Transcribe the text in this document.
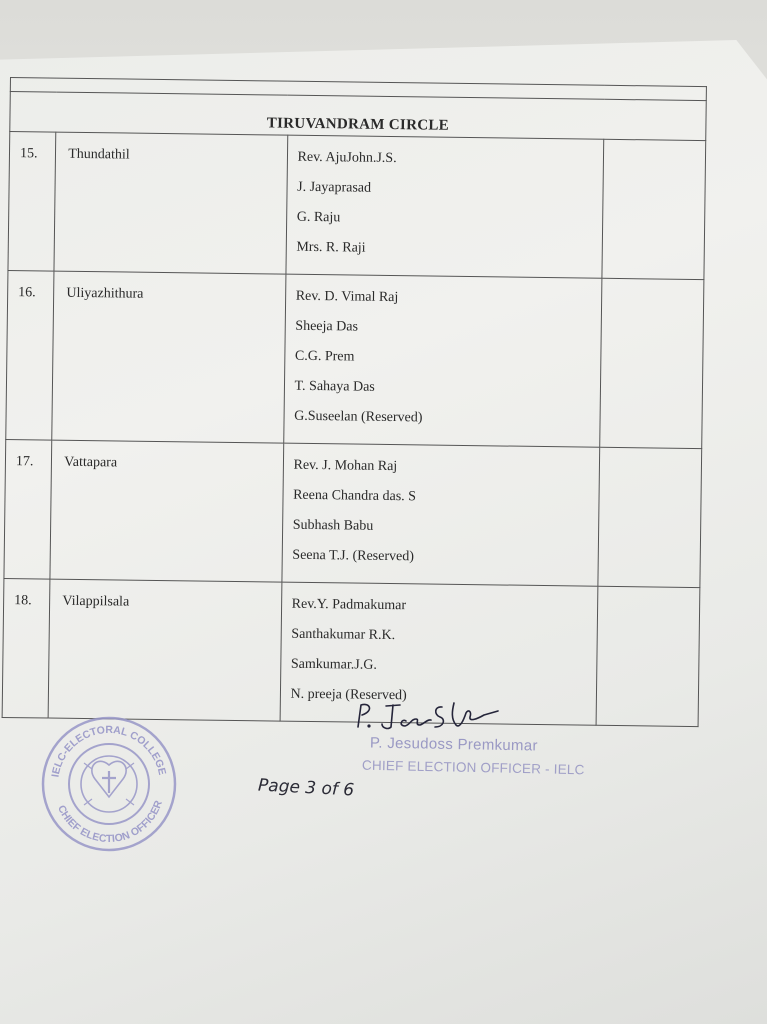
TIRUVANDRAM CIRCLE			
15.	Thundathil	Rev. AjuJohn.J.S.
J. Jayaprasad
G. Raju
Mrs. R. Raji	

16.	Uliyazhithura	Rev. D. Vimal Raj
Sheeja Das
C.G. Prem
T. Sahaya Das
G.Suseelan (Reserved)	

17.	Vattapara	Rev. J. Mohan Raj
Reena Chandra das. S
Subhash Babu
Seena T.J. (Reserved)	

18.	Vilappilsala	Rev.Y. Padmakumar
Santhakumar R.K.
Samkumar.J.G.
N. preeja (Reserved)	

IELC-ELECTORAL COLLEGE
CHIEF ELECTION OFFICER
P. Jesudoss Premkumar
CHIEF ELECTION OFFICER - IELC
Page 3 of 6
